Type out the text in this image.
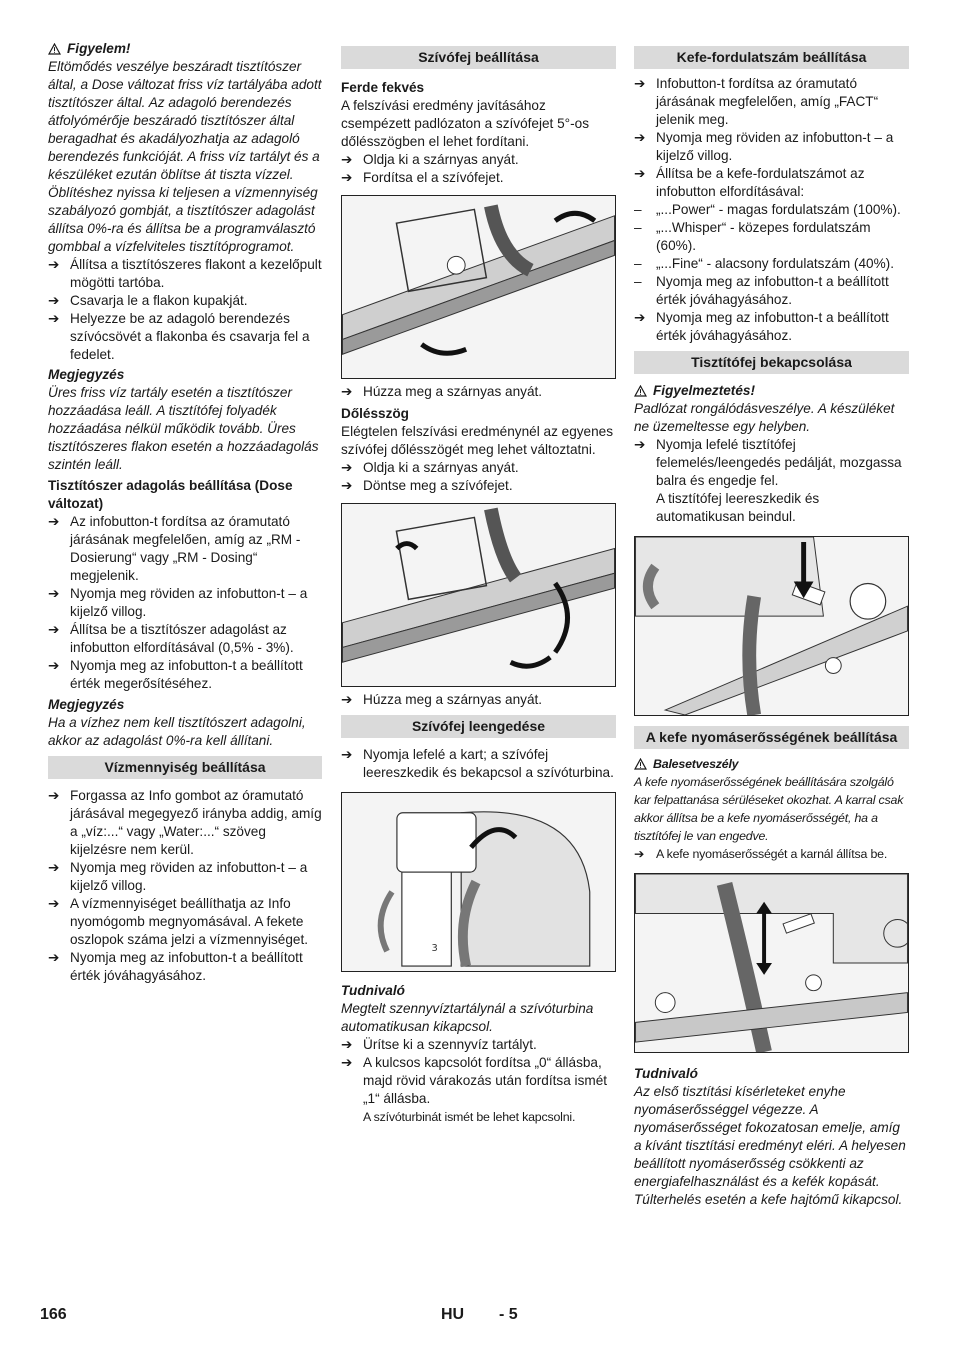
Figyelem!

Eltömődés veszélye beszáradt tisztítószer által, a Dose változat friss víz tartályába adott tisztítószer által. Az adagoló berendezés átfolyómérője beszáradó tisztítószer által beragadhat és akadályozhatja az adagoló berendezés funkcióját. A friss víz tartályt és a készüléket ezután öblítse át tiszta vízzel. Öblítéshez nyissa ki teljesen a vízmennyiség szabályozó gombját, a tisztítószer adagolást állítsa 0%-ra és állítsa be a programválasztó gombbal a vízfelviteles tisztítóprogramot.

➔ Állítsa a tisztítószeres flakont a kezelőpult mögötti tartóba.
➔ Csavarja le a flakon kupakját.
➔ Helyezze be az adagoló berendezés szívócsövét a flakonba és csavarja fel a fedelet.

Megjegyzés

Üres friss víz tartály esetén a tisztítószer hozzáadása leáll. A tisztítófej folyadék hozzáadása nélkül működik tovább. Üres tisztítószeres flakon esetén a hozzáadagolás szintén leáll.

Tisztítószer adagolás beállítása (Dose változat)

➔ Az infobutton-t fordítsa az óramutató járásának megfelelően, amíg az „RM - Dosierung“ vagy „RM - Dosing“ megjelenik.
➔ Nyomja meg röviden az infobutton-t – a kijelző villog.
➔ Állítsa be a tisztítószer adagolást az infobutton elfordításával (0,5% - 3%).
➔ Nyomja meg az infobutton-t a beállított érték megerősítéséhez.

Megjegyzés

Ha a vízhez nem kell tisztítószert adagolni, akkor az adagolást 0%-ra kell állítani.

Vízmennyiség beállítása

➔ Forgassa az Info gombot az óramutató járásával megegyező irányba addig, amíg a „víz:...“ vagy „Water:...“ szöveg kijelzésre nem kerül.
➔ Nyomja meg röviden az infobutton-t – a kijelző villog.
➔ A vízmennyiséget beállíthatja az Info nyomógomb megnyomásával. A fekete oszlopok száma jelzi a vízmennyiséget.
➔ Nyomja meg az infobutton-t a beállított érték jóváhagyásához.

Szívófej beállítása

Ferde fekvés

A felszívási eredmény javításához csempézett padlózaton a szívófejet 5°-os dőlésszögben el lehet fordítani.

➔ Oldja ki a szárnyas anyát.
➔ Fordítsa el a szívófejet.
➔ Húzza meg a szárnyas anyát.

Dőlésszög

Elégtelen felszívási eredménynél az egyenes szívófej dőlésszögét meg lehet változtatni.

➔ Oldja ki a szárnyas anyát.
➔ Döntse meg a szívófejet.
➔ Húzza meg a szárnyas anyát.

Szívófej leengedése

➔ Nyomja lefelé a kart; a szívófej leereszkedik és bekapcsol a szívóturbina.
3

Tudnivaló

Megtelt szennyvíztartálynál a szívóturbina automatikusan kikapcsol.

➔ Ürítse ki a szennyvíz tartályt.
➔ A kulcsos kapcsolót fordítsa „0“ állásba, majd rövid várakozás után fordítsa ismét „1“ állásba.
A szívóturbinát ismét be lehet kapcsolni.

Kefe-fordulatszám beállítása

➔ Infobutton-t fordítsa az óramutató járásának megfelelően, amíg „FACT“ jelenik meg.
➔ Nyomja meg röviden az infobutton-t – a kijelző villog.
➔ Állítsa be a kefe-fordulatszámot az infobutton elfordításával:
–	„...Power“ - magas fordulatszám (100%).
–	„...Whisper“ - közepes fordulatszám (60%).
–	„...Fine“ - alacsony fordulatszám (40%).
–	Nyomja meg az infobutton-t a beállított érték jóváhagyásához.
➔ Nyomja meg az infobutton-t a beállított érték jóváhagyásához.

Tisztítófej bekapcsolása

Figyelmeztetés!

Padlózat rongálódásveszélye. A készüléket ne üzemeltesse egy helyben.

➔ Nyomja lefelé tisztítófej felemelés/leengedés pedálját, mozgassa balra és engedje fel.
A tisztítófej leereszkedik és automatikusan beindul.

A kefe nyomáserősségének beállítása

Balesetveszély

A kefe nyomáserősségének beállítására szolgáló kar felpattanása sérüléseket okozhat. A karral csak akkor állítsa be a kefe nyomáserősségét, ha a tisztítófej le van engedve.

➔ A kefe nyomáserősségét a karnál állítsa be.

Tudnivaló

Az első tisztítási kísérleteket enyhe nyomáserősséggel végezze. A nyomáserősséget fokozatosan emelje, amíg a kívánt tisztítási eredményt eléri. A helyesen beállított nyomáserősség csökkenti az energiafelhasználást és a kefék kopását. Túlterhelés esetén a kefe hajtómű kikapcsol.

166	HU - 5
